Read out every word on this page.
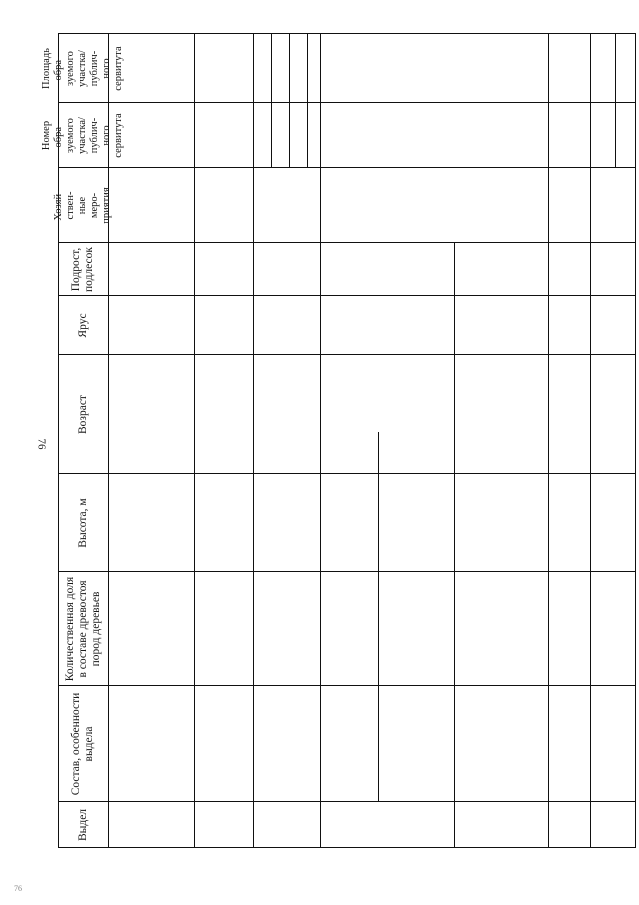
76
76
Выдел
Состав, особенности выдела
Количественная доля в составе древостоя пород деревьев
Высота, м
Возраст
Ярус
Подрост, подлесок
Хозяй-
ствен-
ные
меро-
приятия
Номер
обра-
зуемого
участка/
публич-
ного
сервитута
Площадь
обра-
зуемого
участка/
публич-
ного
сервитута
